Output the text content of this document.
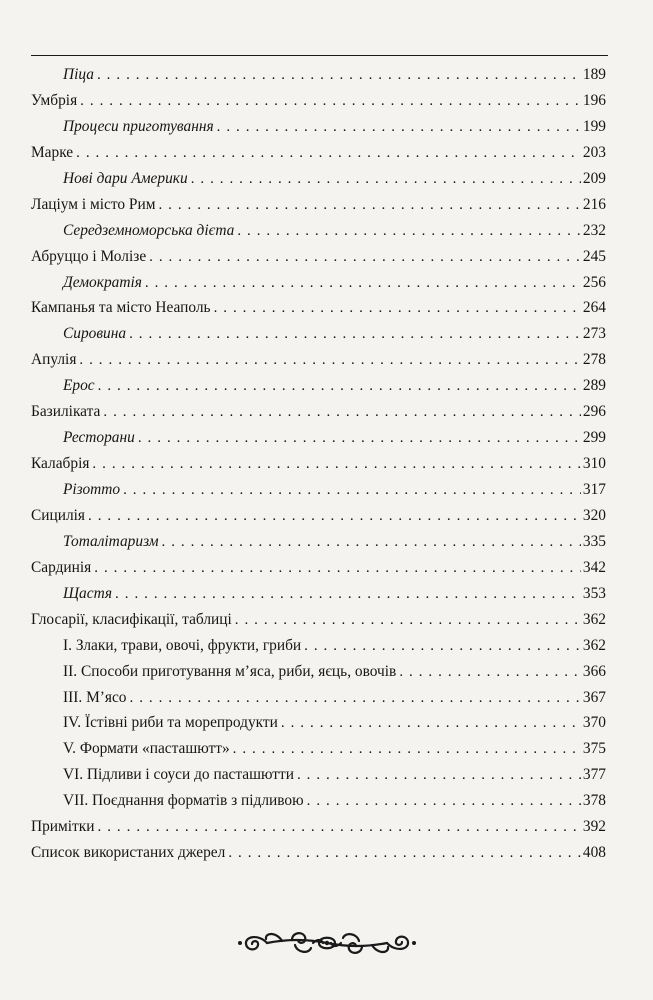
Піца . . .	189
Умбрія . . .	196
Процеси приготування . . .	199
Марке . . .	203
Нові дари Америки . . .	209
Лаціум і місто Рим . . .	216
Середземноморська дієта . . .	232
Абруццо і Молізе . . .	245
Демократія . . .	256
Кампанья та місто Неаполь . . .	264
Сировина . . .	273
Апулія . . .	278
Ерос . . .	289
Базиліката . . .	296
Ресторани . . .	299
Калабрія . . .	310
Різотто . . .	317
Сицилія . . .	320
Тоталітаризм . . .	335
Сардинія . . .	342
Щастя . . .	353
Глосарії, класифікації, таблиці . . .	362
I. Злаки, трави, овочі, фрукти, гриби . . .	362
II. Способи приготування м’яса, риби, яєць, овочів . . .	366
III. М’ясо . . .	367
IV. Їстівні риби та морепродукти . . .	370
V. Формати «пасташютт» . . .	375
VI. Підливи і соуси до пасташютти . . .	377
VII. Поєднання форматів з підливою . . .	378
Примітки . . .	392
Список використаних джерел . . .	408
